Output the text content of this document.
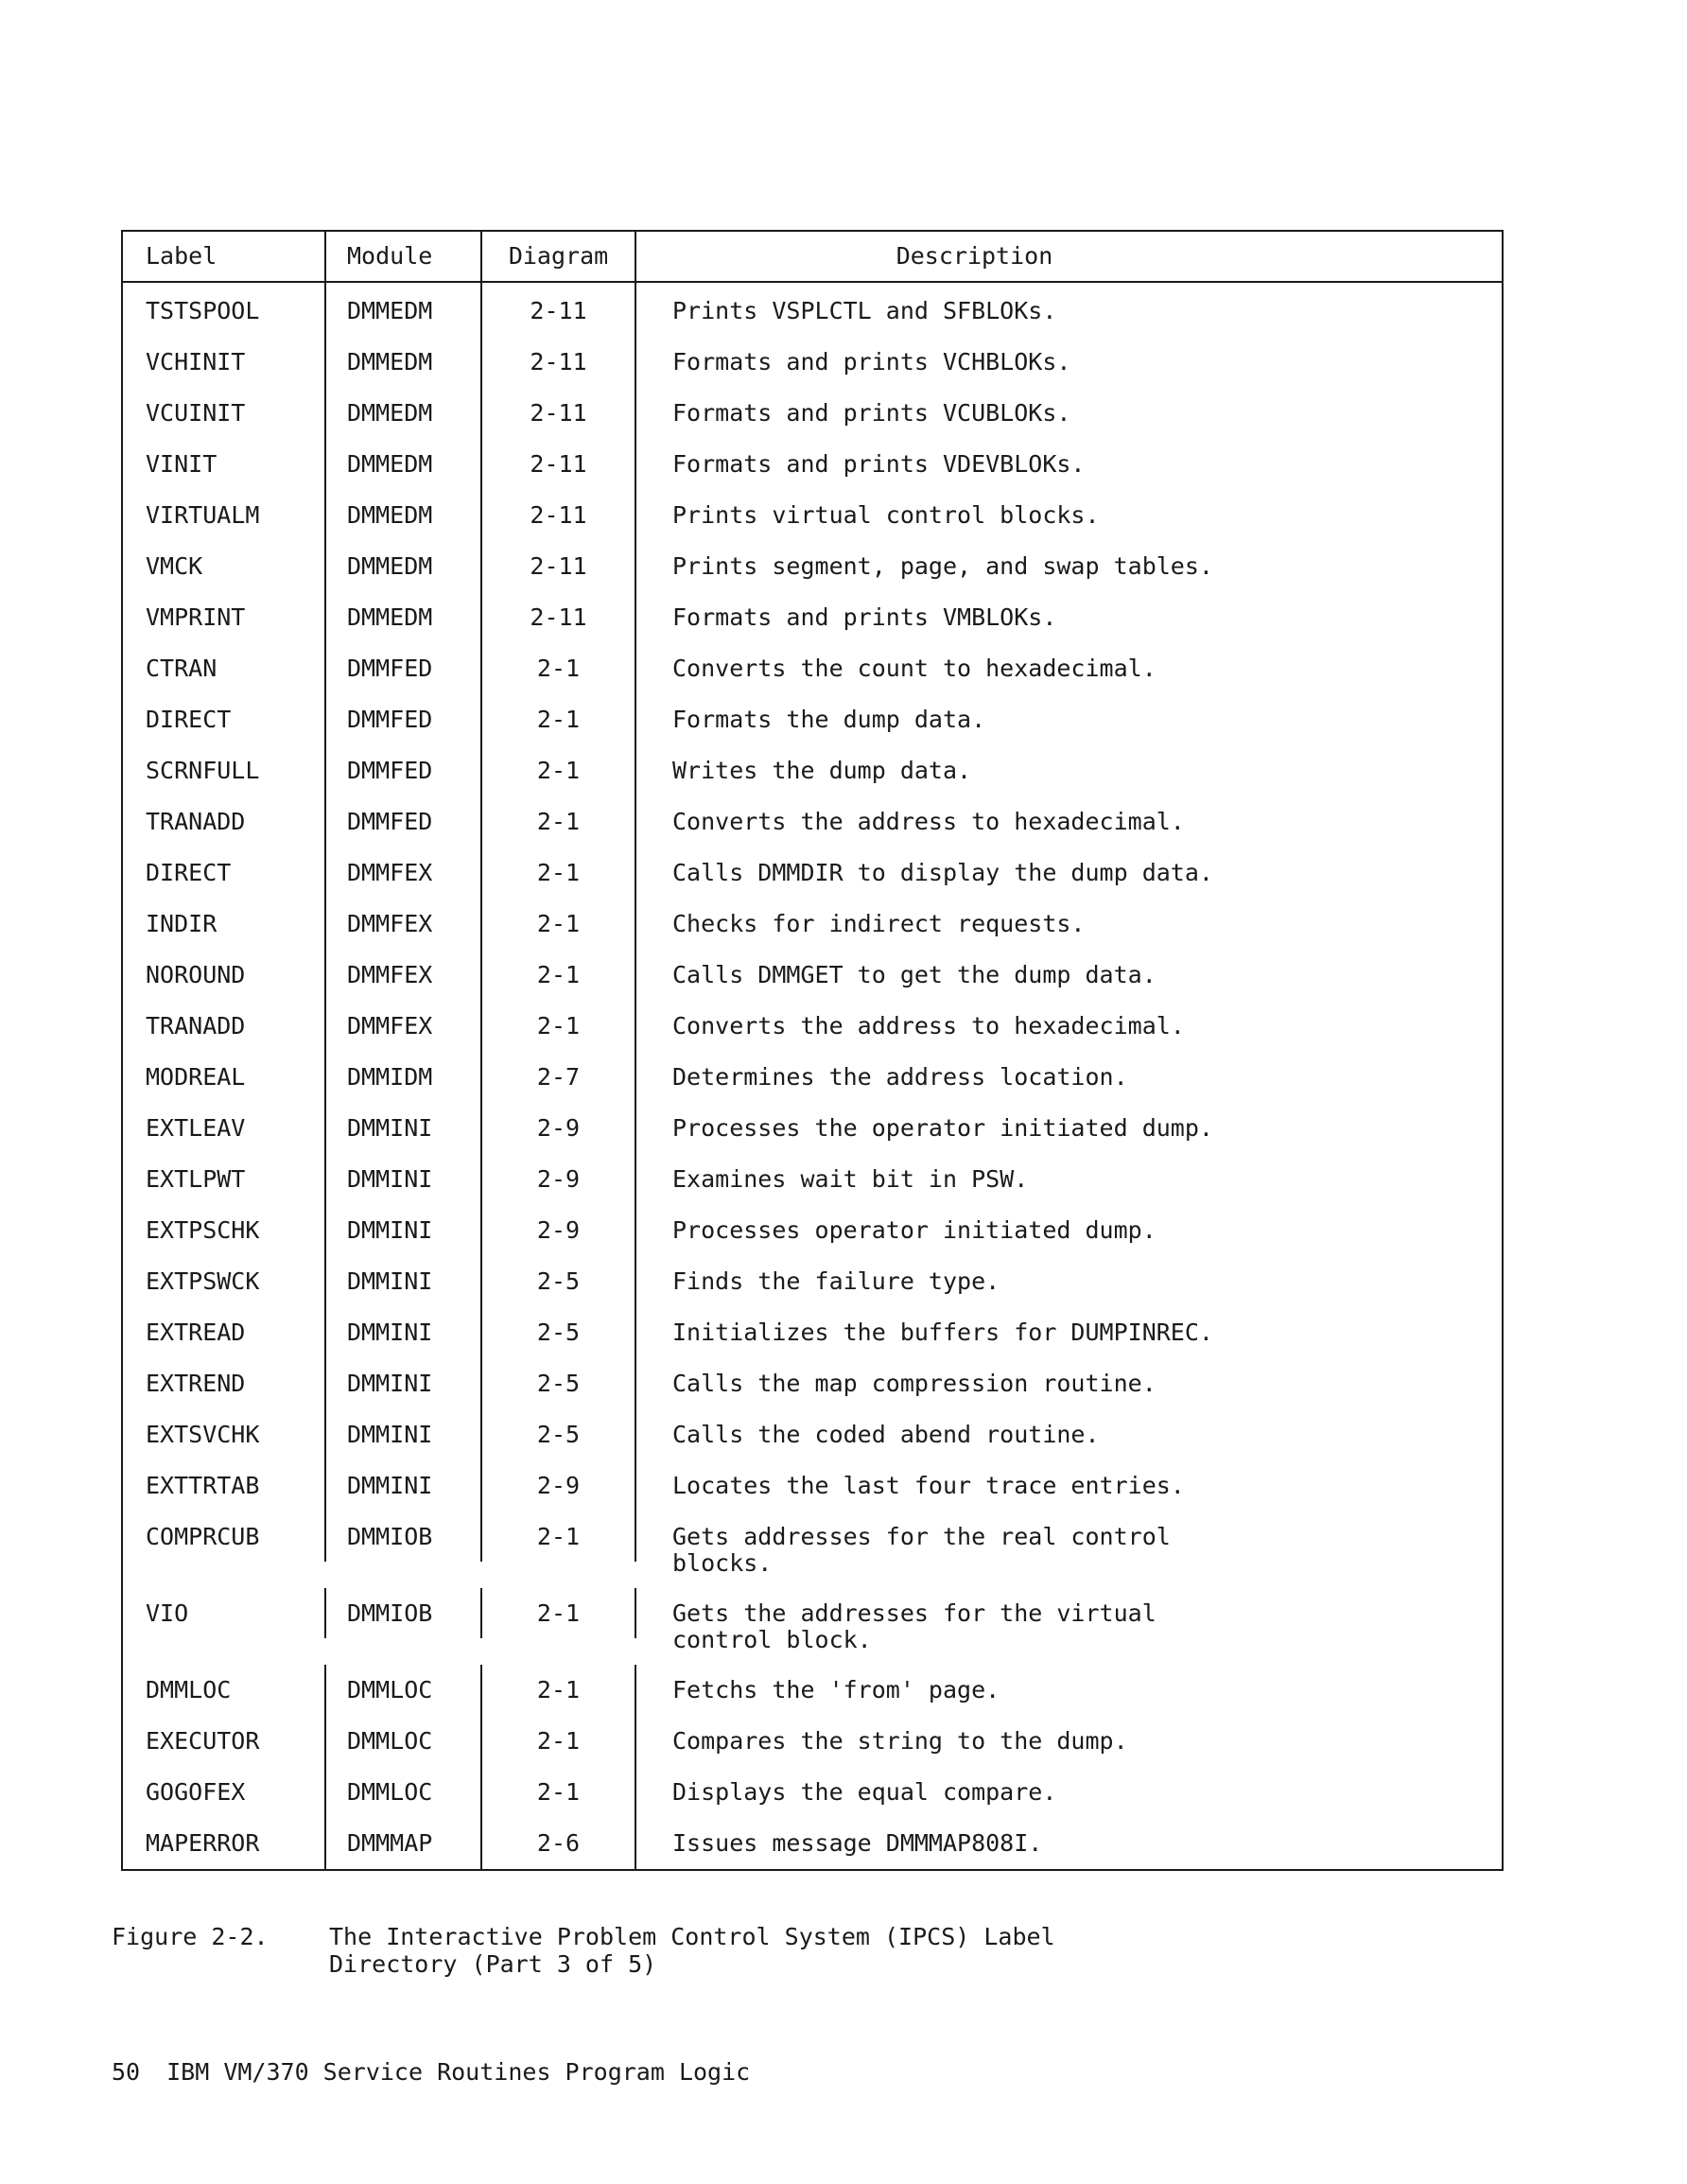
Label	Module	Diagram	Description
TSTSPOOL	DMMEDM	2-11	Prints VSPLCTL and SFBLOKs.
VCHINIT	DMMEDM	2-11	Formats and prints VCHBLOKs.
VCUINIT	DMMEDM	2-11	Formats and prints VCUBLOKs.
VINIT	DMMEDM	2-11	Formats and prints VDEVBLOKs.
VIRTUALM	DMMEDM	2-11	Prints virtual control blocks.
VMCK	DMMEDM	2-11	Prints segment, page, and swap tables.
VMPRINT	DMMEDM	2-11	Formats and prints VMBLOKs.
CTRAN	DMMFED	2-1	Converts the count to hexadecimal.
DIRECT	DMMFED	2-1	Formats the dump data.
SCRNFULL	DMMFED	2-1	Writes the dump data.
TRANADD	DMMFED	2-1	Converts the address to hexadecimal.
DIRECT	DMMFEX	2-1	Calls DMMDIR to display the dump data.
INDIR	DMMFEX	2-1	Checks for indirect requests.
NOROUND	DMMFEX	2-1	Calls DMMGET to get the dump data.
TRANADD	DMMFEX	2-1	Converts the address to hexadecimal.
MODREAL	DMMIDM	2-7	Determines the address location.
EXTLEAV	DMMINI	2-9	Processes the operator initiated dump.
EXTLPWT	DMMINI	2-9	Examines wait bit in PSW.
EXTPSCHK	DMMINI	2-9	Processes operator initiated dump.
EXTPSWCK	DMMINI	2-5	Finds the failure type.
EXTREAD	DMMINI	2-5	Initializes the buffers for DUMPINREC.
EXTREND	DMMINI	2-5	Calls the map compression routine.
EXTSVCHK	DMMINI	2-5	Calls the coded abend routine.
EXTTRTAB	DMMINI	2-9	Locates the last four trace entries.
COMPRCUB	DMMIOB	2-1	Gets addresses for the real control
blocks.
VIO	DMMIOB	2-1	Gets the addresses for the virtual
control block.
DMMLOC	DMMLOC	2-1	Fetchs the 'from' page.
EXECUTOR	DMMLOC	2-1	Compares the string to the dump.
GOGOFEX	DMMLOC	2-1	Displays the equal compare.
MAPERROR	DMMMAP	2-6	Issues message DMMMAP808I.
Figure 2-2.	The Interactive Problem Control System (IPCS) Label
Directory (Part 3 of 5)
50 IBM VM/370 Service Routines Program Logic
